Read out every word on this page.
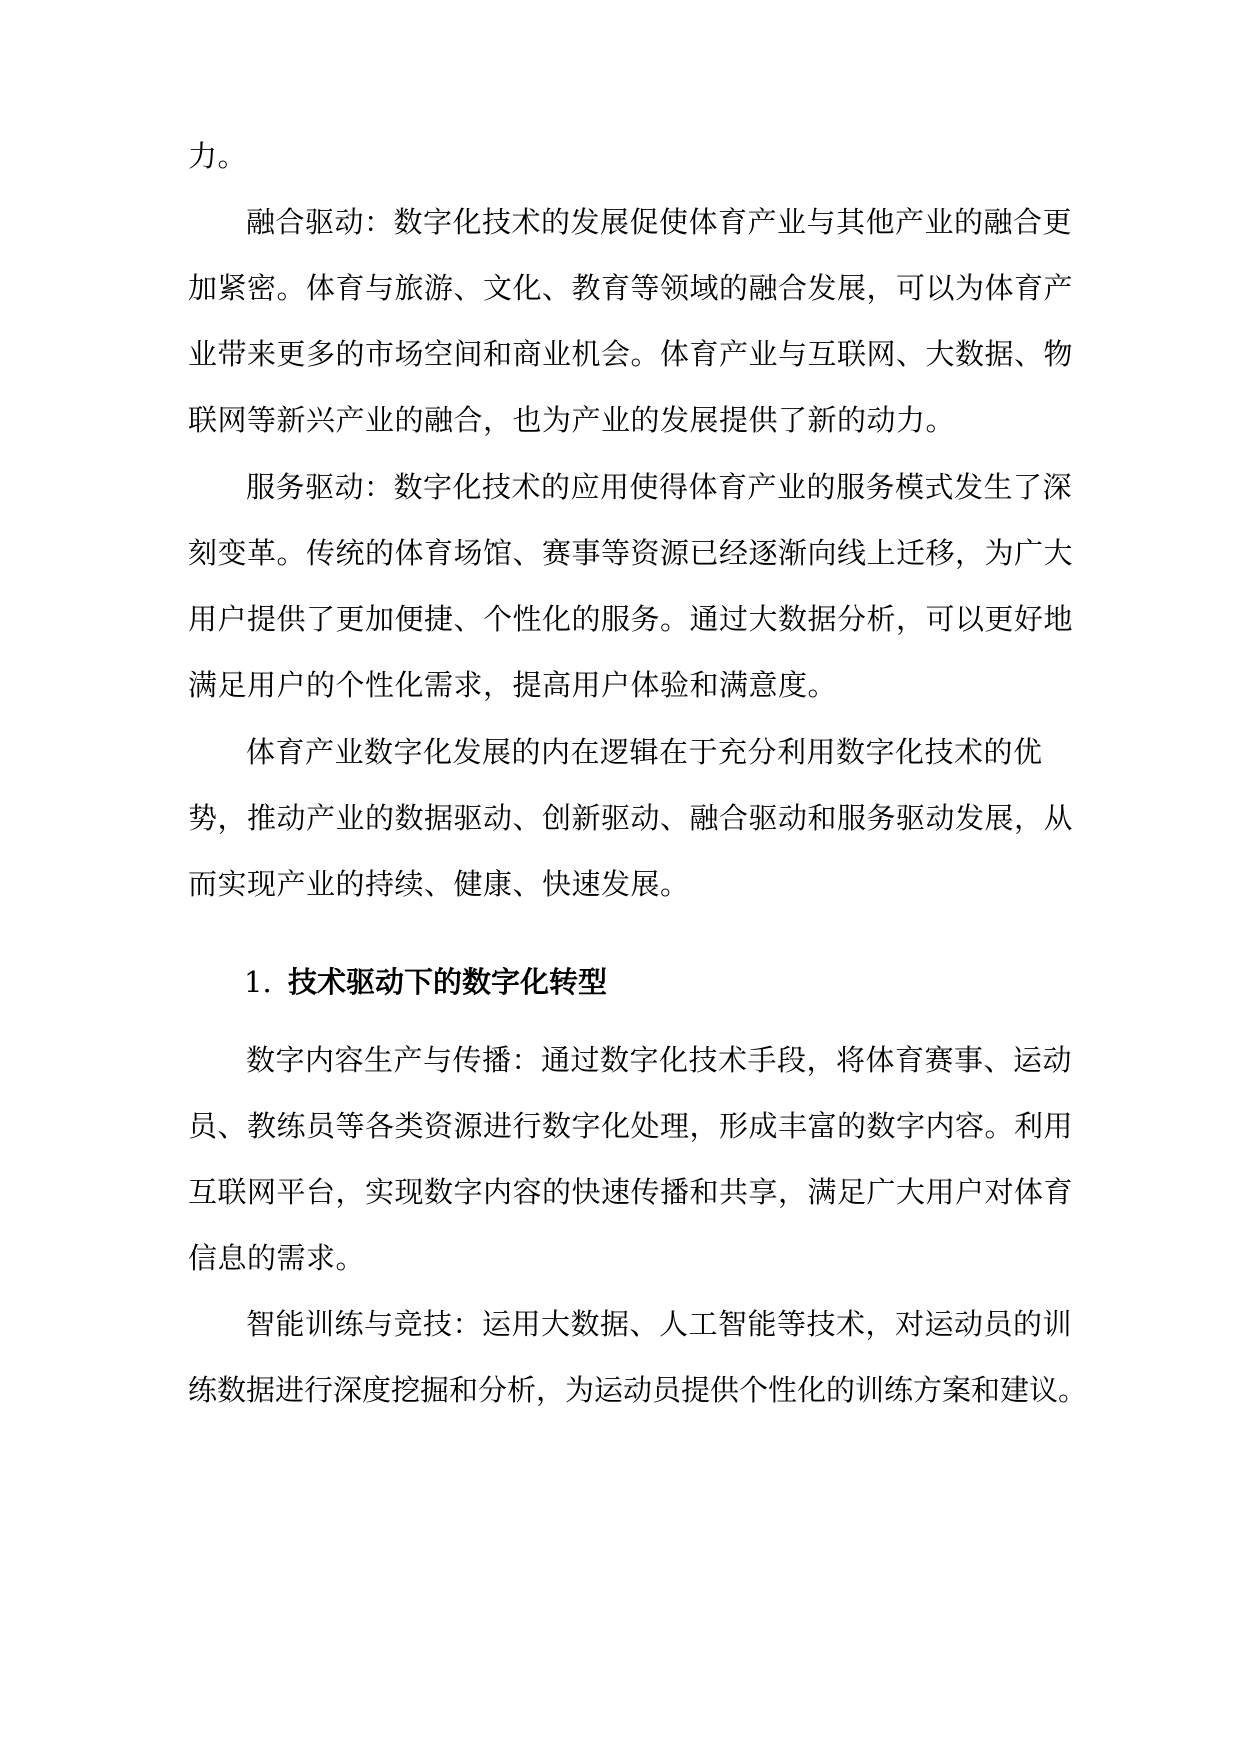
力。
融合驱动：数字化技术的发展促使体育产业与其他产业的融合更
加紧密。体育与旅游、文化、教育等领域的融合发展，可以为体育产
业带来更多的市场空间和商业机会。体育产业与互联网、大数据、物
联网等新兴产业的融合，也为产业的发展提供了新的动力。
服务驱动：数字化技术的应用使得体育产业的服务模式发生了深
刻变革。传统的体育场馆、赛事等资源已经逐渐向线上迁移，为广大
用户提供了更加便捷、个性化的服务。通过大数据分析，可以更好地
满足用户的个性化需求，提高用户体验和满意度。
体育产业数字化发展的内在逻辑在于充分利用数字化技术的优
势，推动产业的数据驱动、创新驱动、融合驱动和服务驱动发展，从
而实现产业的持续、健康、快速发展。
1. 技术驱动下的数字化转型
数字内容生产与传播：通过数字化技术手段，将体育赛事、运动
员、教练员等各类资源进行数字化处理，形成丰富的数字内容。利用
互联网平台，实现数字内容的快速传播和共享，满足广大用户对体育
信息的需求。
智能训练与竞技：运用大数据、人工智能等技术，对运动员的训
练数据进行深度挖掘和分析，为运动员提供个性化的训练方案和建议。
